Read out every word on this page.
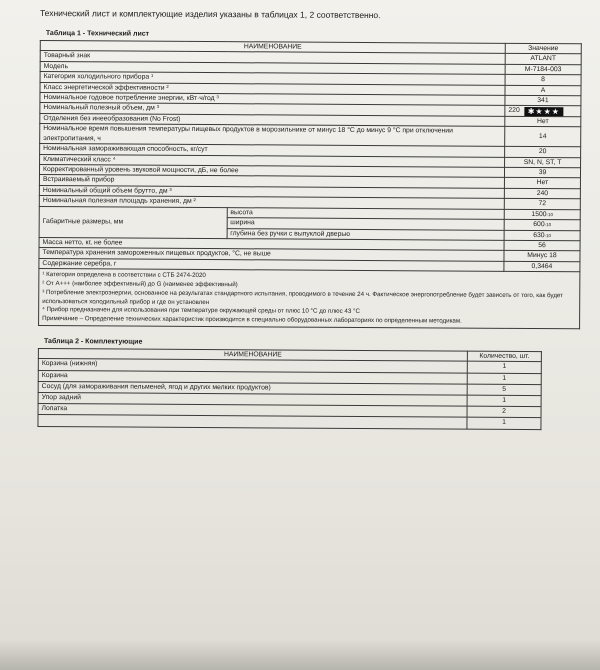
Технический лист и комплектующие изделия указаны в таблицах 1, 2 соответственно.

Таблица 1 - Технический лист
НАИМЕНОВАНИЕ		Значение
Товарный знак		ATLANT
Модель		М-7184-003
Категория холодильного прибора ¹		8
Класс энергетической эффективности ²		A
Номинальное годовое потребление энергии, кВт·ч/год ³		341
Номинальный полезный объем, дм ³		220 ✱★★★

Отделения без инееобразования (No Frost)		Нет
Номинальное время повышения температуры пищевых продуктов в морозильнике от минус 18 °С до минус 9 °С при отключении электропитания, ч		14
Номинальная замораживающая способность, кг/сут		20
Климатический класс ⁴		SN, N, ST, T
Корректированный уровень звуковой мощности, дБ, не более		39
Встраиваемый прибор		Нет
Номинальный общий объем брутто, дм ³		240
Номинальная полезная площадь хранения, дм ²		72
Габаритные размеры, мм	высота	1500-10
	ширина	600-10
	глубина без ручки с выпуклой дверью	630-10
Масса нетто, кг, не более		56
Температура хранения замороженных пищевых продуктов, °С, не выше		Минус 18
Содержание серебра, г		0,3464

¹ Категория определена в соответствии с СТБ 2474-2020

² От А+++ (наиболее эффективный) до G (наименее эффективный)

³ Потребление электроэнергии, основанное на результатах стандартного испытания, проводимого в течение 24 ч. Фактическое энергопотребление будет зависеть от того, как будет использоваться холодильный прибор и где он установлен

⁴ Прибор предназначен для использования при температуре окружающей среды от плюс 10 °С до плюс 43 °С

Примечание – Определение технических характеристик производится в специально оборудованных лабораториях по определенным методикам.		

Таблица 2 - Комплектующие
НАИМЕНОВАНИЕ	Количество, шт.
Корзина (нижняя)	1
Корзина	1
Сосуд (для замораживания пельменей, ягод и других мелких продуктов)	5
Упор задний	1
Лопатка	2
	1
